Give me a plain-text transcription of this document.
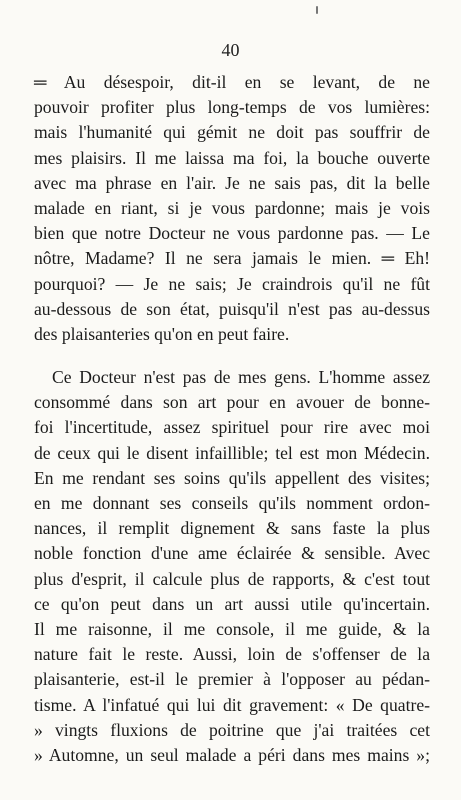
40
═ Au désespoir, dit-il en se levant, de ne
pouvoir profiter plus long-temps de vos lumières:
mais l'humanité qui gémit ne doit pas souffrir de
mes plaisirs. Il me laissa ma foi, la bouche ouverte
avec ma phrase en l'air. Je ne sais pas, dit la belle
malade en riant, si je vous pardonne; mais je vois
bien que notre Docteur ne vous pardonne pas. — Le
nôtre, Madame? Il ne sera jamais le mien. ═ Eh!
pourquoi? — Je ne sais; Je craindrois qu'il ne fût
au-dessous de son état, puisqu'il n'est pas au-dessus
des plaisanteries qu'on en peut faire.
Ce Docteur n'est pas de mes gens. L'homme assez
consommé dans son art pour en avouer de bonne-
foi l'incertitude, assez spirituel pour rire avec moi
de ceux qui le disent infaillible; tel est mon Médecin.
En me rendant ses soins qu'ils appellent des visites;
en me donnant ses conseils qu'ils nomment ordon-
nances, il remplit dignement & sans faste la plus
noble fonction d'une ame éclairée & sensible. Avec
plus d'esprit, il calcule plus de rapports, & c'est tout
ce qu'on peut dans un art aussi utile qu'incertain.
Il me raisonne, il me console, il me guide, & la
nature fait le reste. Aussi, loin de s'offenser de la
plaisanterie, est-il le premier à l'opposer au pédan-
tisme. A l'infatué qui lui dit gravement: « De quatre-
» vingts fluxions de poitrine que j'ai traitées cet
» Automne, un seul malade a péri dans mes mains »;
